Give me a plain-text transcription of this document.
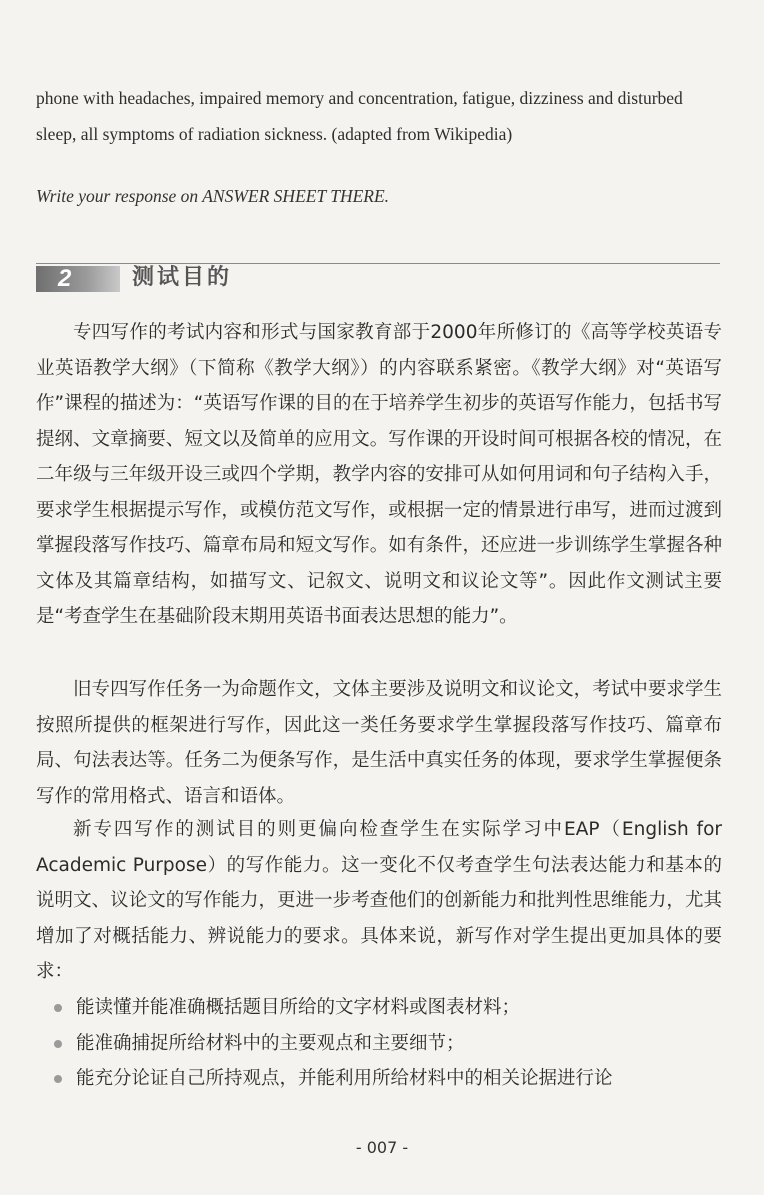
phone with headaches, impaired memory and concentration, fatigue, dizziness and disturbed sleep, all symptoms of radiation sickness. (adapted from Wikipedia)
Write your response on ANSWER SHEET THERE.
2	测试目的
专四写作的考试内容和形式与国家教育部于2000年所修订的《高等学校英语专业英语教学大纲》（下简称《教学大纲》）的内容联系紧密。《教学大纲》对“英语写作”课程的描述为：“英语写作课的目的在于培养学生初步的英语写作能力，包括书写提纲、文章摘要、短文以及简单的应用文。写作课的开设时间可根据各校的情况，在二年级与三年级开设三或四个学期，教学内容的安排可从如何用词和句子结构入手，要求学生根据提示写作，或模仿范文写作，或根据一定的情景进行串写，进而过渡到掌握段落写作技巧、篇章布局和短文写作。如有条件，还应进一步训练学生掌握各种文体及其篇章结构，如描写文、记叙文、说明文和议论文等”。因此作文测试主要是“考查学生在基础阶段末期用英语书面表达思想的能力”。
旧专四写作任务一为命题作文，文体主要涉及说明文和议论文，考试中要求学生按照所提供的框架进行写作，因此这一类任务要求学生掌握段落写作技巧、篇章布局、句法表达等。任务二为便条写作，是生活中真实任务的体现，要求学生掌握便条写作的常用格式、语言和语体。
新专四写作的测试目的则更偏向检查学生在实际学习中EAP（English for Academic Purpose）的写作能力。这一变化不仅考查学生句法表达能力和基本的说明文、议论文的写作能力，更进一步考查他们的创新能力和批判性思维能力，尤其增加了对概括能力、辨说能力的要求。具体来说，新写作对学生提出更加具体的要求：
能读懂并能准确概括题目所给的文字材料或图表材料；
能准确捕捉所给材料中的主要观点和主要细节；
能充分论证自己所持观点，并能利用所给材料中的相关论据进行论
- 007 -
